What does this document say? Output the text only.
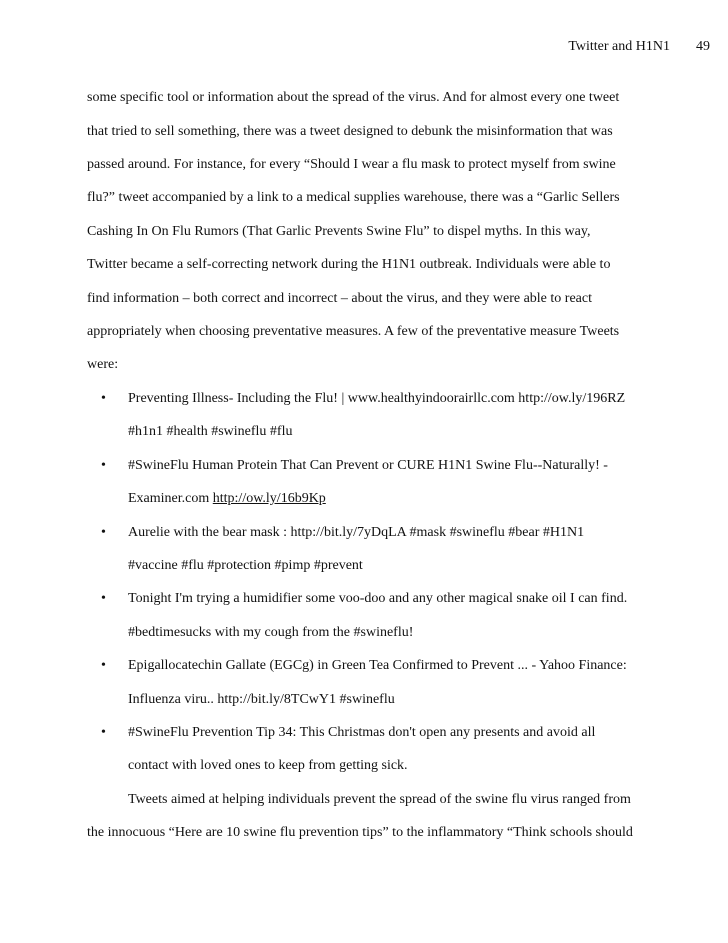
Twitter and H1N1 49
some specific tool or information about the spread of the virus. And for almost every one tweet
that tried to sell something, there was a tweet designed to debunk the misinformation that was
passed around. For instance, for every “Should I wear a flu mask to protect myself from swine
flu?” tweet accompanied by a link to a medical supplies warehouse, there was a “Garlic Sellers
Cashing In On Flu Rumors (That Garlic Prevents Swine Flu” to dispel myths. In this way,
Twitter became a self-correcting network during the H1N1 outbreak. Individuals were able to
find information – both correct and incorrect – about the virus, and they were able to react
appropriately when choosing preventative measures. A few of the preventative measure Tweets
were:
• Preventing Illness- Including the Flu! | www.healthyindoorairllc.com http://ow.ly/196RZ
#h1n1 #health #swineflu #flu
• #SwineFlu Human Protein That Can Prevent or CURE H1N1 Swine Flu--Naturally! -
Examiner.com http://ow.ly/16b9Kp
• Aurelie with the bear mask : http://bit.ly/7yDqLA #mask #swineflu #bear #H1N1
#vaccine #flu #protection #pimp #prevent
• Tonight I'm trying a humidifier some voo-doo and any other magical snake oil I can find.
#bedtimesucks with my cough from the #swineflu!
• Epigallocatechin Gallate (EGCg) in Green Tea Confirmed to Prevent ... - Yahoo Finance:
Influenza viru.. http://bit.ly/8TCwY1 #swineflu
• #SwineFlu Prevention Tip 34: This Christmas don't open any presents and avoid all
contact with loved ones to keep from getting sick.
Tweets aimed at helping individuals prevent the spread of the swine flu virus ranged from
the innocuous “Here are 10 swine flu prevention tips” to the inflammatory “Think schools should
